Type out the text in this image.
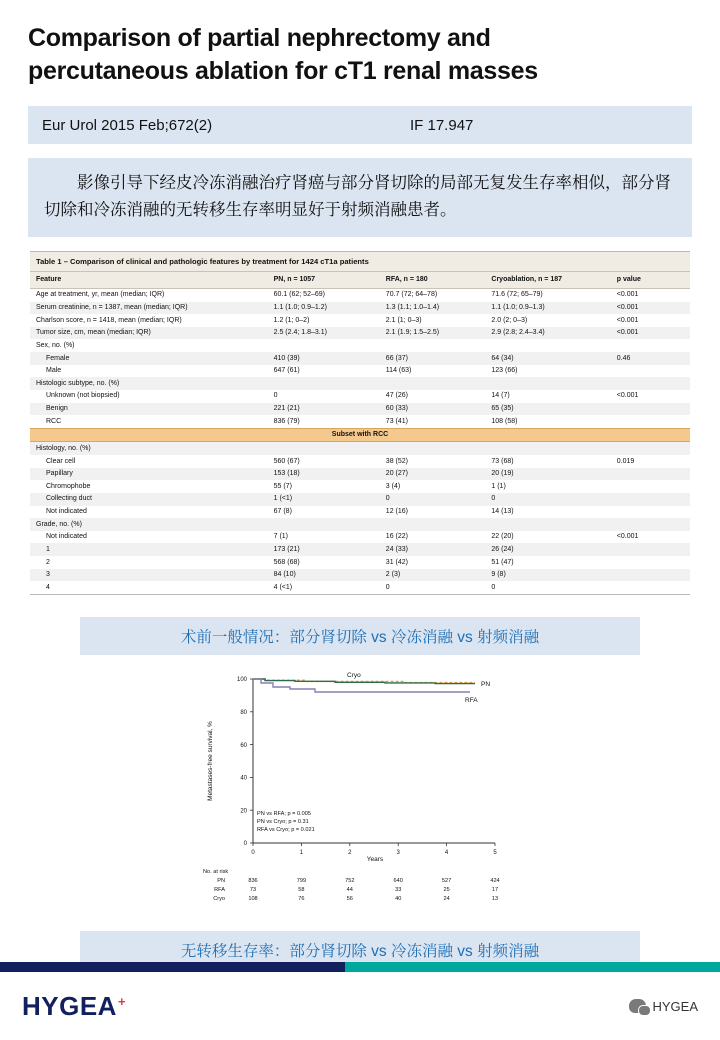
Comparison of partial nephrectomy and
percutaneous ablation for cT1 renal masses
Eur Urol 2015 Feb;672(2)	IF 17.947

影像引导下经皮冷冻消融治疗肾癌与部分肾切除的局部无复发生存率相似，部分肾切除和冷冻消融的无转移生存率明显好于射频消融患者。

Table 1 – Comparison of clinical and pathologic features by treatment for 1424 cT1a patients
Feature	PN, n = 1057	RFA, n = 180	Cryoablation, n = 187	p value
Age at treatment, yr, mean (median; IQR)	60.1 (62; 52–69)	70.7 (72; 64–78)	71.6 (72; 65–79)	<0.001
Serum creatinine, n = 1387, mean (median; IQR)	1.1 (1.0; 0.9–1.2)	1.3 (1.1; 1.0–1.4)	1.1 (1.0; 0.9–1.3)	<0.001
Charlson score, n = 1418, mean (median; IQR)	1.2 (1; 0–2)	2.1 (1; 0–3)	2.0 (2; 0–3)	<0.001
Tumor size, cm, mean (median; IQR)	2.5 (2.4; 1.8–3.1)	2.1 (1.9; 1.5–2.5)	2.9 (2.8; 2.4–3.4)	<0.001
Sex, no. (%)				
Female	410 (39)	66 (37)	64 (34)	0.46
Male	647 (61)	114 (63)	123 (66)	
Histologic subtype, no. (%)				
Unknown (not biopsied)	0	47 (26)	14 (7)	<0.001
Benign	221 (21)	60 (33)	65 (35)	
RCC	836 (79)	73 (41)	108 (58)	
Subset with RCC				
Histology, no. (%)				
Clear cell	560 (67)	38 (52)	73 (68)	0.019
Papillary	153 (18)	20 (27)	20 (19)	
Chromophobe	55 (7)	3 (4)	1 (1)	
Collecting duct	1 (<1)	0	0	
Not indicated	67 (8)	12 (16)	14 (13)	
Grade, no. (%)				
Not indicated	7 (1)	16 (22)	22 (20)	<0.001
1	173 (21)	24 (33)	26 (24)	
2	568 (68)	31 (42)	51 (47)	
3	84 (10)	2 (3)	9 (8)	
4	4 (<1)	0	0	
术前一般情况：部分肾切除 vs 冷冻消融 vs 射频消融
0
20
40
60
80
100
0	1	2	3	4	5
Cryo
PN
RFA
Metastases-free survival, %
Years
PN vs RFA; p = 0.005
PN vs Cryo; p = 0.31
RFA vs Cryo; p = 0.021
No. at risk
PN	836	799	752	640	527	424
RFA	73	58	44	33	25	17
Cryo	108	76	56	40	24	13
无转移生存率：部分肾切除 vs 冷冻消融 vs 射频消融
HYGEA+	HYGEA
